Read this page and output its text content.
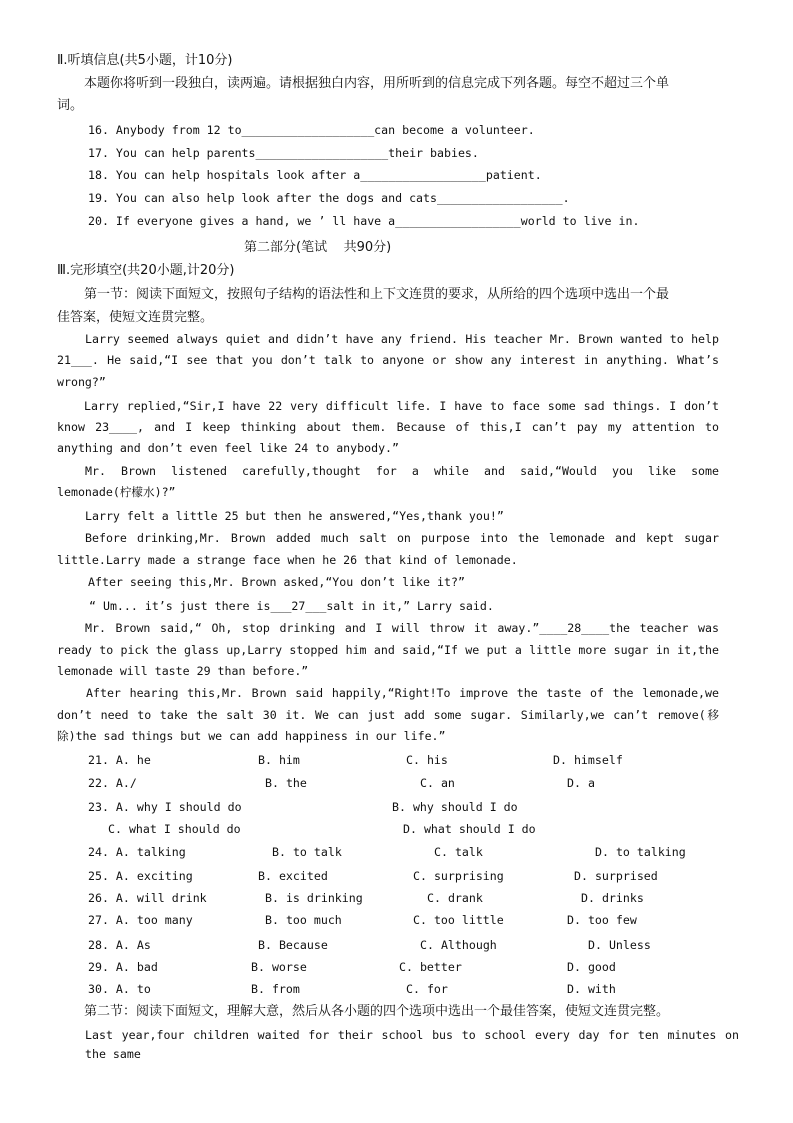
Ⅱ.听填信息(共5小题，计10分)
本题你将听到一段独白，读两遍。请根据独白内容，用所听到的信息完成下列各题。每空不超过三个单
词。
16. Anybody from 12 to___________________can become a volunteer.
17. You can help parents___________________their babies.
18. You can help hospitals look after a__________________patient.
19. You can also help look after the dogs and cats__________________.
20. If everyone gives a hand, we ’ ll have a__________________world to live in.
第二部分(笔试    共90分)
Ⅲ.完形填空(共20小题,计20分)
第一节：阅读下面短文，按照句子结构的语法性和上下文连贯的要求，从所给的四个选项中选出一个最
佳答案，使短文连贯完整。
Larry seemed always quiet and didn’t have any friend. His teacher Mr. Brown wanted to help
21___. He said,“I see that you don’t talk to anyone or show any interest in anything. What’s
wrong?”
Larry replied,“Sir,I have 22 very difficult life. I have to face some sad things. I don’t
know 23____, and I keep thinking about them. Because of this,I can’t pay my attention to
anything and don’t even feel like 24 to anybody.”
Mr. Brown listened carefully,thought for a while and said,“Would you like some
lemonade(柠檬水)?”
Larry felt a little 25 but then he answered,“Yes,thank you!”
Before drinking,Mr. Brown added much salt on purpose into the lemonade and kept sugar
little.Larry made a strange face when he 26 that kind of lemonade.
After seeing this,Mr. Brown asked,“You don’t like it?”
“ Um... it’s just there is___27___salt in it,” Larry said.
Mr. Brown said,“ Oh, stop drinking and I will throw it away.”____28____the teacher was
ready to pick the glass up,Larry stopped him and said,“If we put a little more sugar in it,the
lemonade will taste 29 than before.”
After hearing this,Mr. Brown said happily,“Right!To improve the taste of the lemonade,we
don’t need to take the salt 30 it. We can just add some sugar. Similarly,we can’t remove(移
除)the sad things but we can add happiness in our life.”
21. A. he	B. him	C. his	D. himself
22. A./	B. the	C. an	D. a
23. A. why I should do	B. why should I do
C. what I should do	D. what should I do
24. A. talking	B. to talk	C. talk	D. to talking
25. A. exciting	B. excited	C. surprising	D. surprised
26. A. will drink	B. is drinking	C. drank	D. drinks
27. A. too many	B. too much	C. too little	D. too few
28. A. As	B. Because	C. Although	D. Unless
29. A. bad	B. worse	C. better	D. good
30. A. to	B. from	C. for	D. with
第二节：阅读下面短文，理解大意，然后从各小题的四个选项中选出一个最佳答案，使短文连贯完整。
Last year,four children waited for their school bus to school every day for ten minutes on
the same
